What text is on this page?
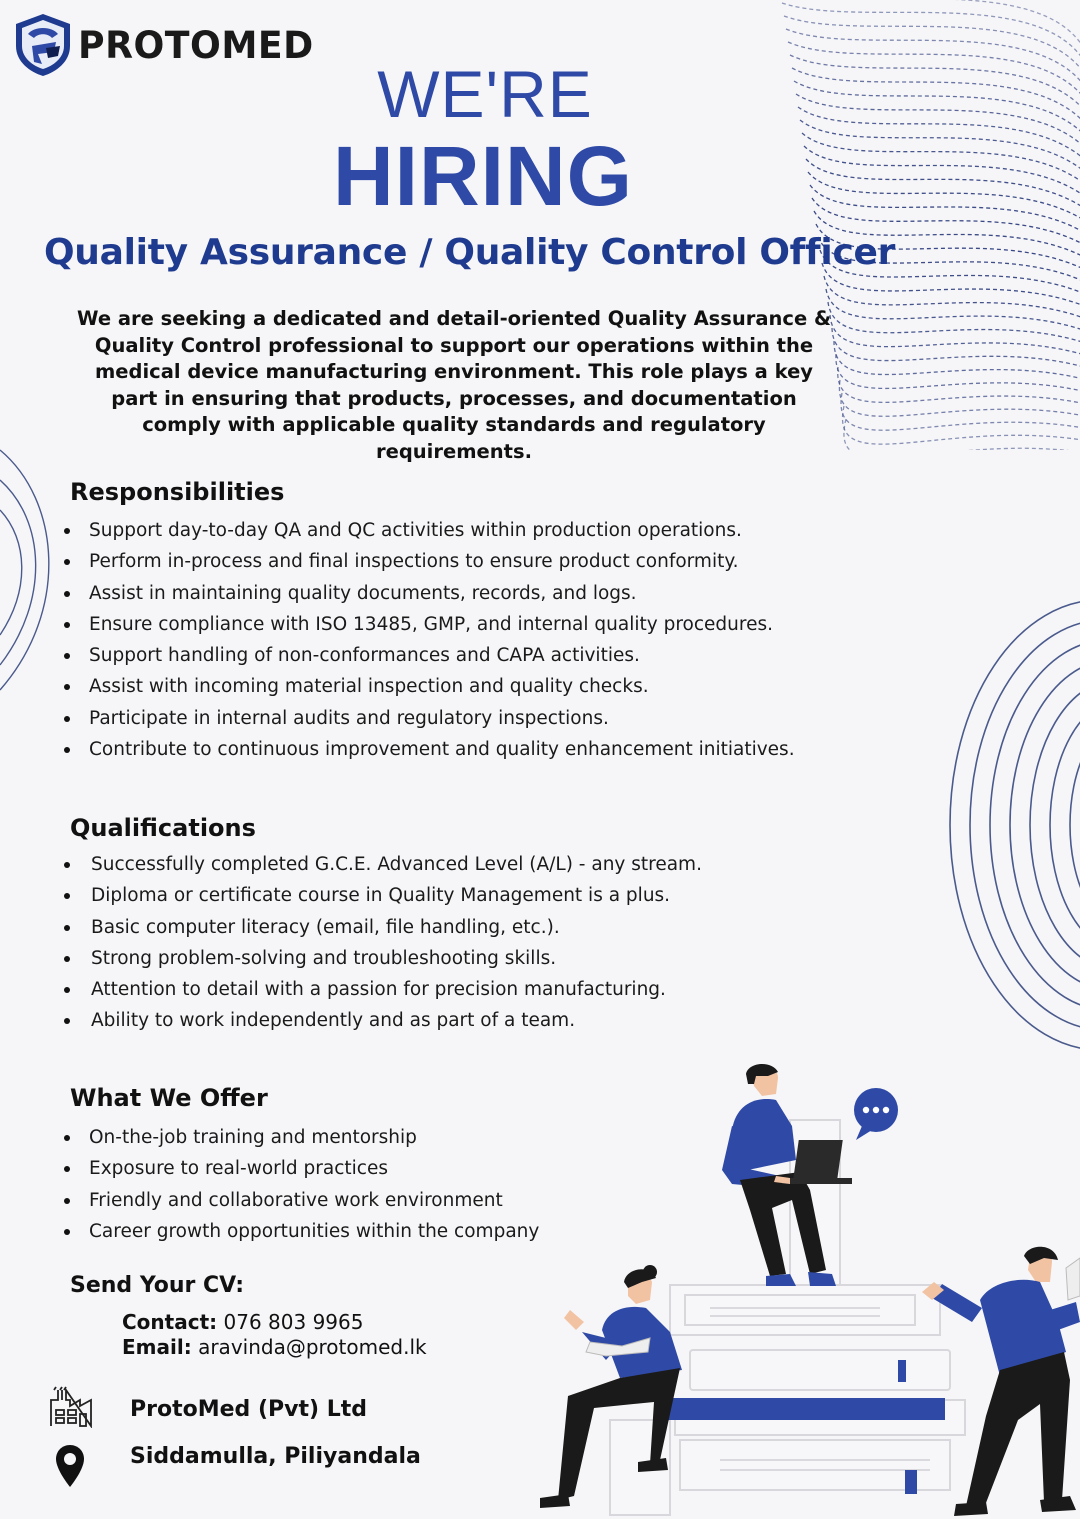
PROTOMED
WE'RE
HIRING
Quality Assurance / Quality Control Officer
We are seeking a dedicated and detail-oriented Quality Assurance & Quality Control professional to support our operations within the medical device manufacturing environment. This role plays a key part in ensuring that products, processes, and documentation comply with applicable quality standards and regulatory requirements.
Responsibilities
Support day-to-day QA and QC activities within production operations.
Perform in-process and final inspections to ensure product conformity.
Assist in maintaining quality documents, records, and logs.
Ensure compliance with ISO 13485, GMP, and internal quality procedures.
Support handling of non-conformances and CAPA activities.
Assist with incoming material inspection and quality checks.
Participate in internal audits and regulatory inspections.
Contribute to continuous improvement and quality enhancement initiatives.
Qualifications
Successfully completed G.C.E. Advanced Level (A/L) - any stream.
Diploma or certificate course in Quality Management is a plus.
Basic computer literacy (email, file handling, etc.).
Strong problem-solving and troubleshooting skills.
Attention to detail with a passion for precision manufacturing.
Ability to work independently and as part of a team.
What We Offer
On-the-job training and mentorship
Exposure to real-world practices
Friendly and collaborative work environment
Career growth opportunities within the company
Send Your CV:
Contact: 076 803 9965
Email: aravinda@protomed.lk
ProtoMed (Pvt) Ltd
Siddamulla, Piliyandala
